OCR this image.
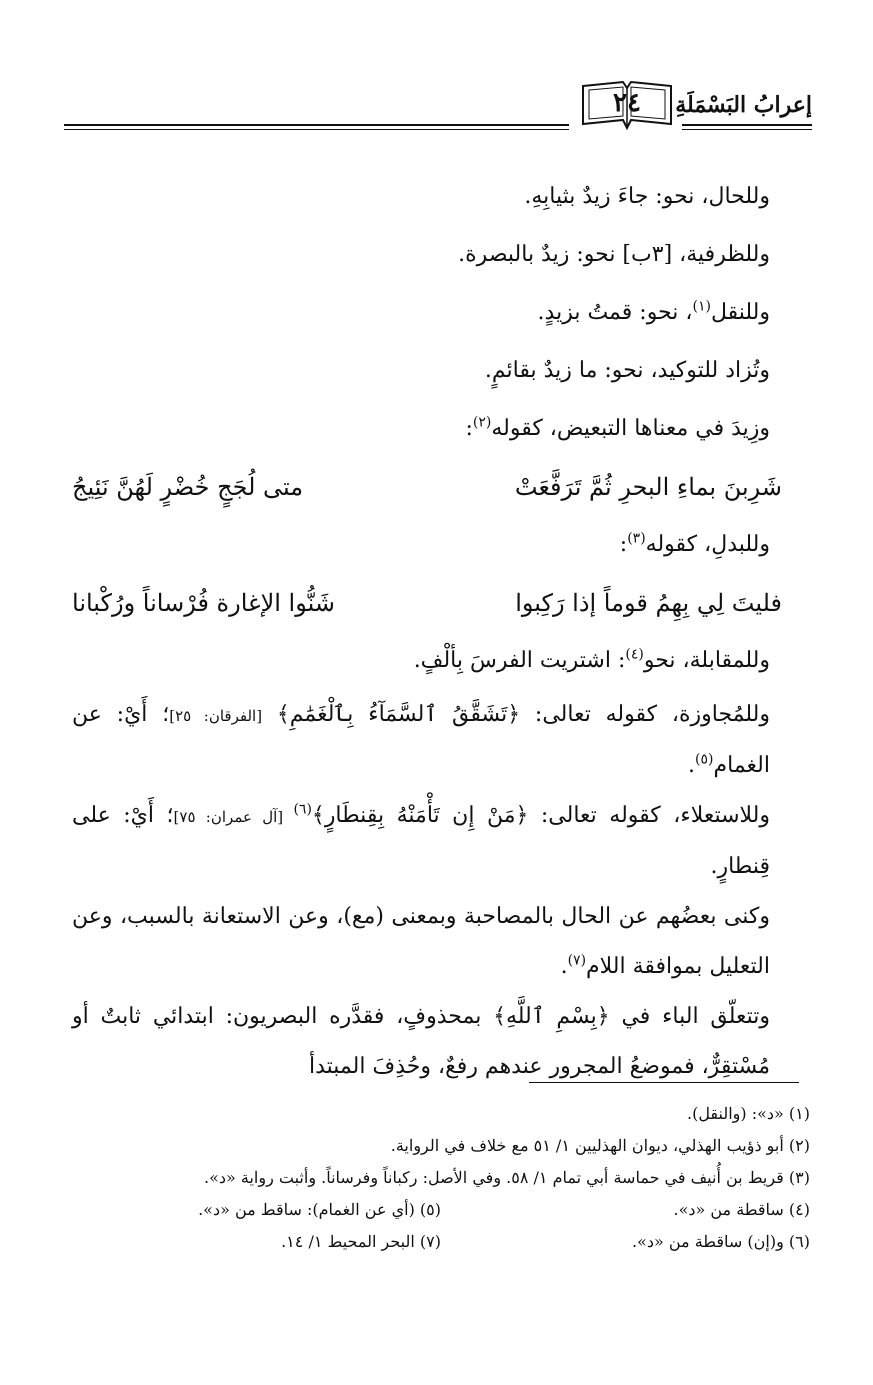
إعرابُ البَسْمَلَةِ
٢٤

وللحال، نحو: جاءَ زيدٌ بثيابِهِ.

وللظرفية، [٣ب] نحو: زيدٌ بالبصرة.

وللنقل$^{(١)}$، نحو: قمتُ بزيدٍ.

وتُزاد للتوكيد، نحو: ما زيدٌ بقائمٍ.

وزِيدَ في معناها التبعيض، كقوله$^{(٢)}$:

شَرِبنَ بماءِ البحرِ ثُمَّ تَرَفَّعَتْ
متى لُجَجٍ خُضْرٍ لَهُنَّ نَئِيجُ

وللبدلِ، كقوله$^{(٣)}$:

فليتَ لِي بِهِمُ قوماً إذا رَكِبوا
شَنُّوا الإغارة فُرْساناً ورُكْبانا

وللمقابلة، نحو$^{(٤)}$: اشتريت الفرسَ بِألْفٍ.

وللمُجاوزة، كقوله تعالى: ﴿تَشَقَّقُ ٱلسَّمَآءُ بِٱلْغَمَٰمِ﴾ [الفرقان: ٢٥]؛ أَيْ: عن الغمام$^{(٥)}$.

وللاستعلاء، كقوله تعالى: ﴿مَنْ إِن تَأْمَنْهُ بِقِنطَارٍ﴾$^{(٦)}$ [آل عمران: ٧٥]؛ أَيْ: على قِنطارٍ.

وكنى بعضُهم عن الحال بالمصاحبة وبمعنى (مع)، وعن الاستعانة بالسبب، وعن التعليل بموافقة اللام$^{(٧)}$.

وتتعلّق الباء في ﴿بِسْمِ ٱللَّهِ﴾ بمحذوفٍ، فقدَّره البصريون: ابتدائي ثابتٌ أو مُسْتقِرٌّ، فموضعُ المجرور عندهم رفعٌ، وحُذِفَ المبتدأ

(١) «د»: (والنقل).

(٢) أبو ذؤيب الهذلي، ديوان الهذليين ١/ ٥١ مع خلاف في الرواية.

(٣) قريط بن أُنيف في حماسة أبي تمام ١/ ٥٨. وفي الأصل: ركباناً وفرساناً. وأثبت رواية «د».

(٤) ساقطة من «د».

(٥) (أي عن الغمام): ساقط من «د».

(٦) و(إن) ساقطة من «د».

(٧) البحر المحيط ١/ ١٤.
